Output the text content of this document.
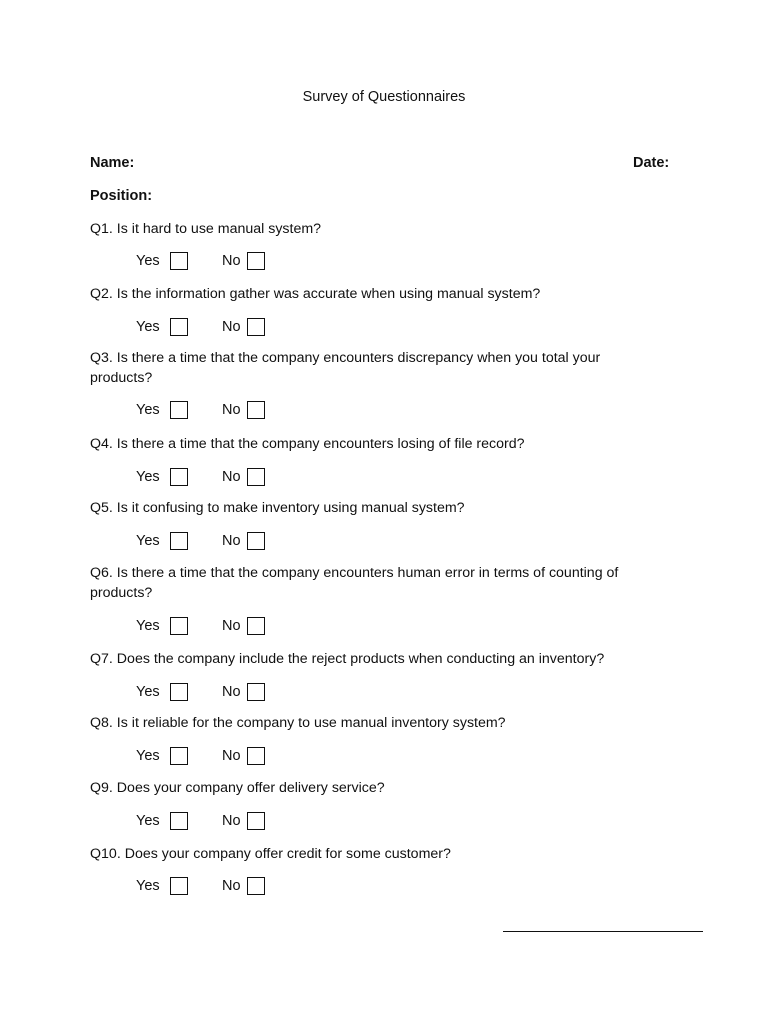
Survey of Questionnaires
Name:	Date:
Position:
Q1. Is it hard to use manual system?
Yes	No
Q2. Is the information gather was accurate when using manual system?
Yes	No
Q3. Is there a time that the company encounters discrepancy when you total your products?
Yes	No
Q4. Is there a time that the company encounters losing of file record?
Yes	No
Q5. Is it confusing to make inventory using manual system?
Yes	No
Q6. Is there a time that the company encounters human error in terms of counting of products?
Yes	No
Q7. Does the company include the reject products when conducting an inventory?
Yes	No
Q8. Is it reliable for the company to use manual inventory system?
Yes	No
Q9. Does your company offer delivery service?
Yes	No
Q10. Does your company offer credit for some customer?
Yes	No
